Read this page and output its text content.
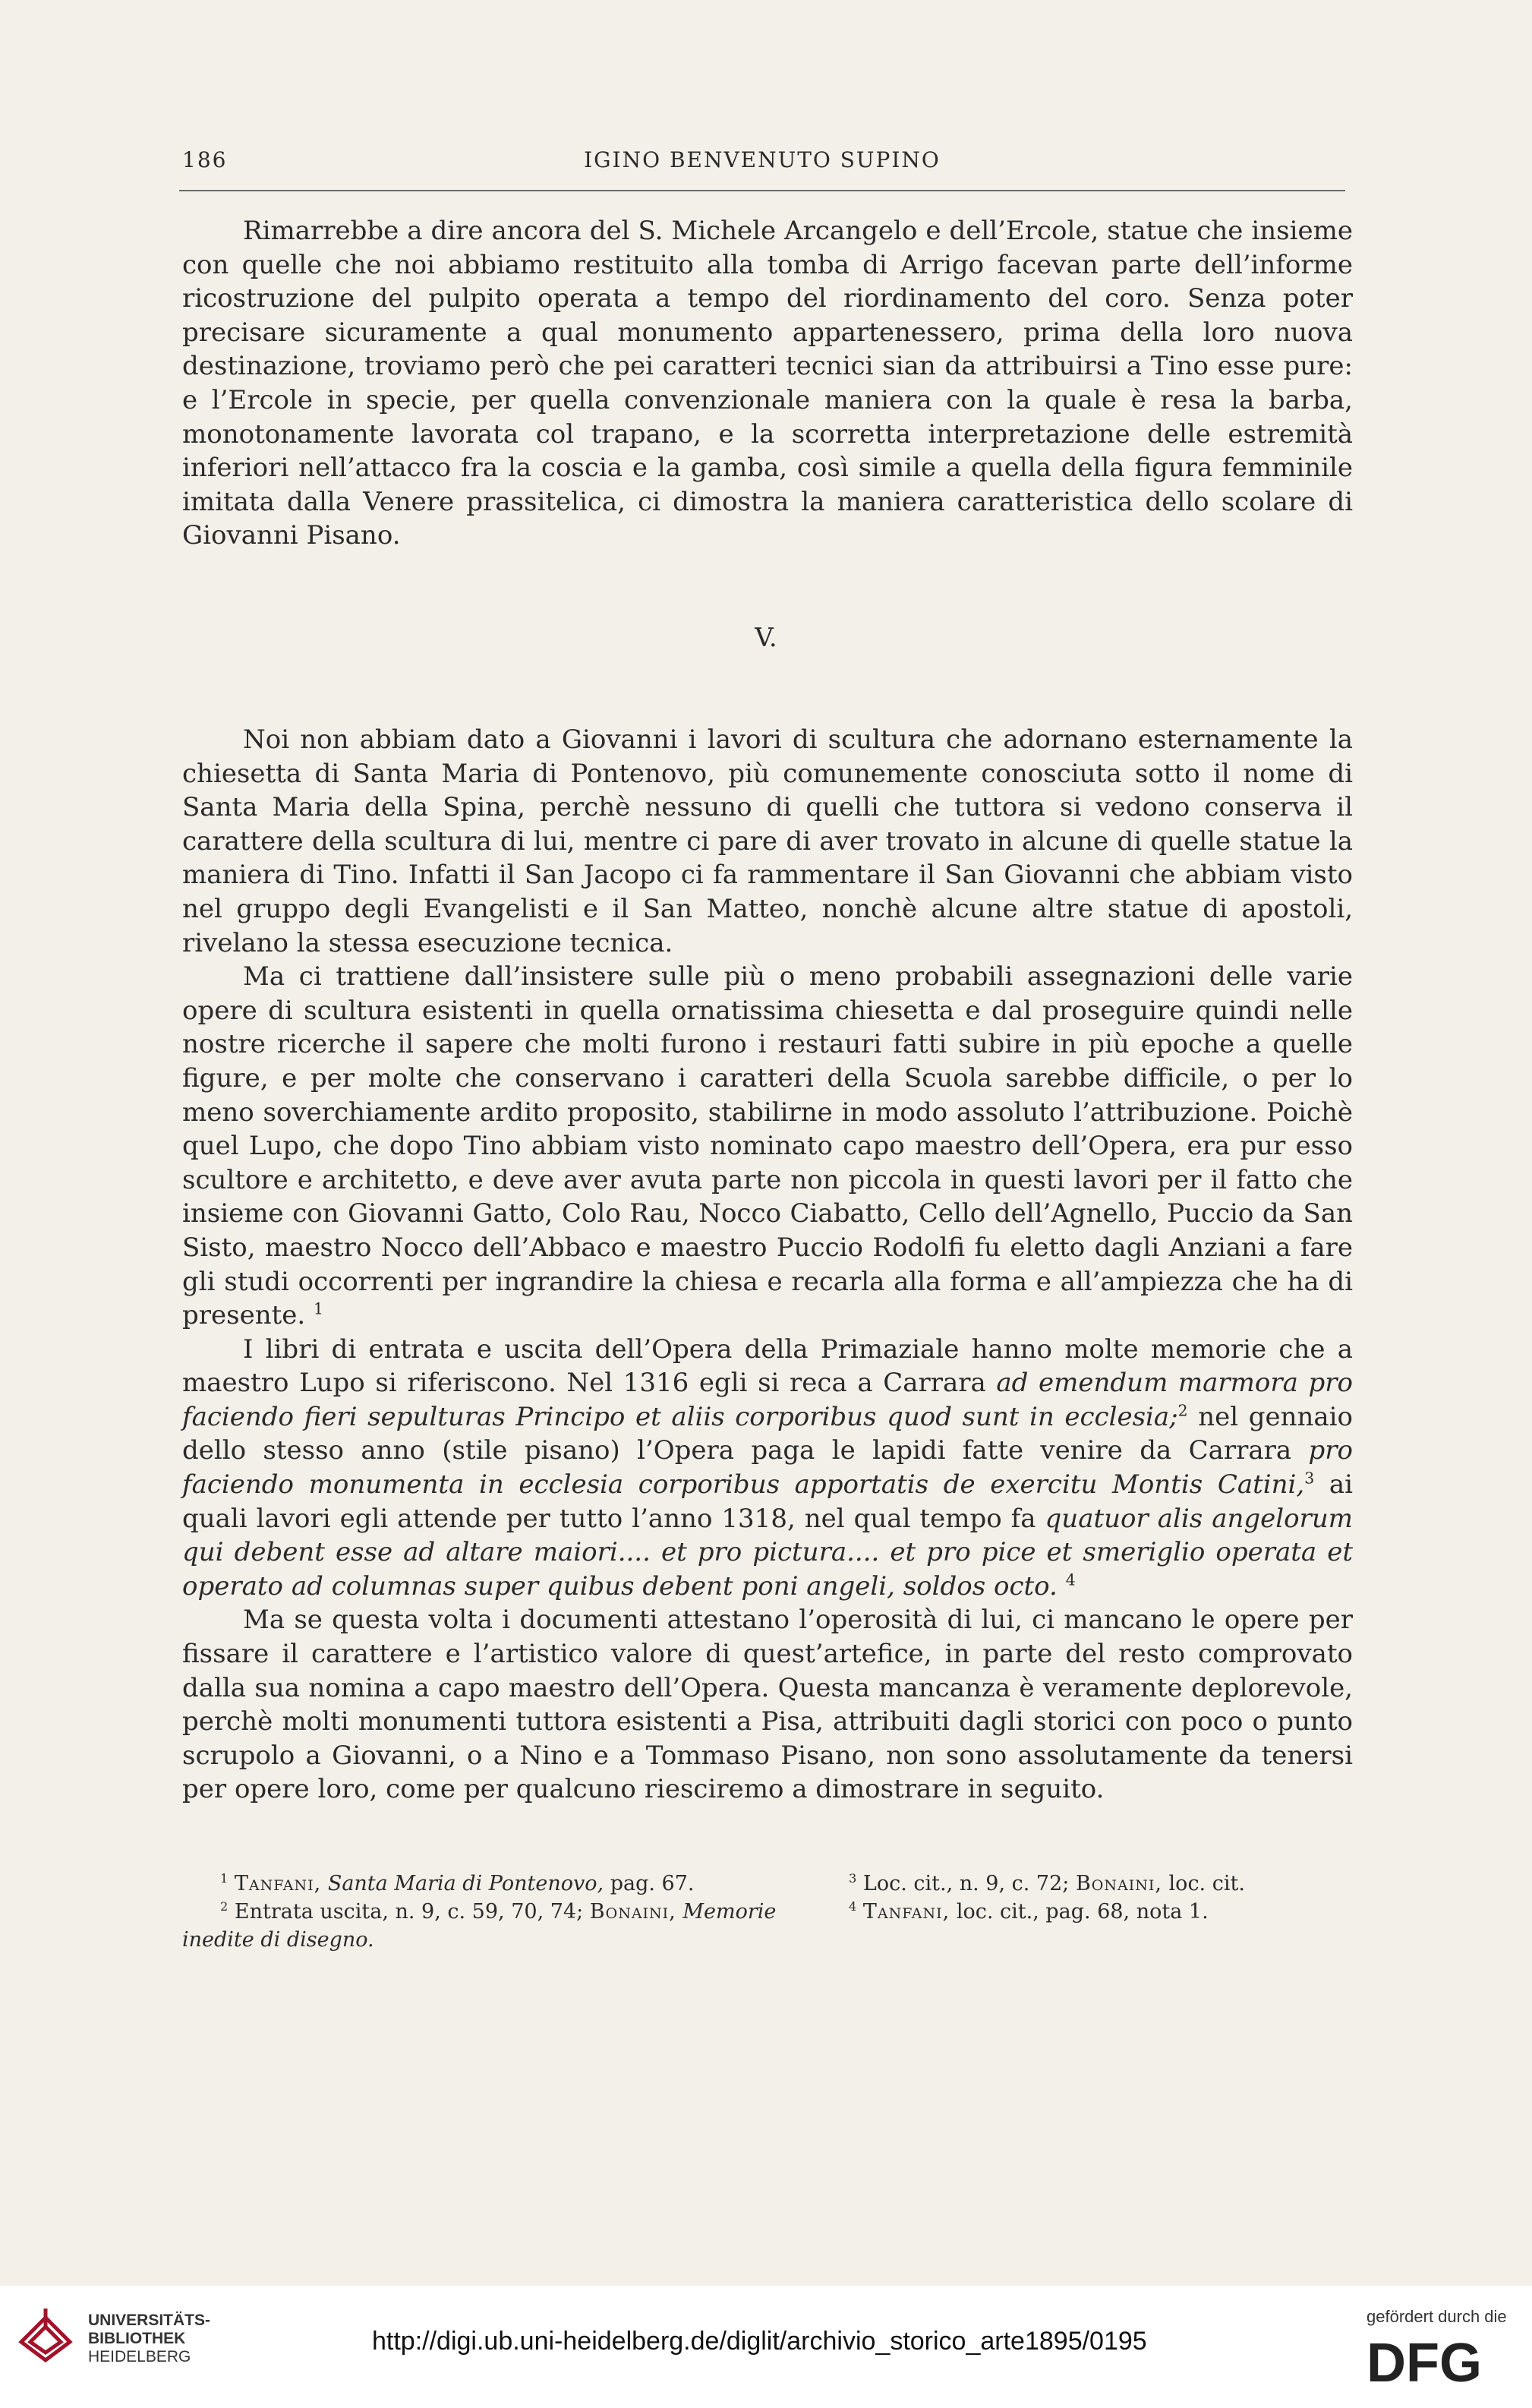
186	IGINO BENVENUTO SUPINO

Rimarrebbe a dire ancora del S. Michele Arcangelo e dell’Ercole, statue che insieme con quelle che noi abbiamo restituito alla tomba di Arrigo facevan parte dell’informe ricostruzione del pulpito operata a tempo del riordinamento del coro. Senza poter precisare sicuramente a qual monumento appartenessero, prima della loro nuova destinazione, troviamo però che pei caratteri tecnici sian da attribuirsi a Tino esse pure: e l’Ercole in specie, per quella convenzionale maniera con la quale è resa la barba, monotonamente lavorata col trapano, e la scorretta interpretazione delle estremità inferiori nell’attacco fra la coscia e la gamba, così simile a quella della figura femminile imitata dalla Venere prassitelica, ci dimostra la maniera caratteristica dello scolare di Giovanni Pisano.

V.

Noi non abbiam dato a Giovanni i lavori di scultura che adornano esternamente la chiesetta di Santa Maria di Pontenovo, più comunemente conosciuta sotto il nome di Santa Maria della Spina, perchè nessuno di quelli che tuttora si vedono conserva il carattere della scultura di lui, mentre ci pare di aver trovato in alcune di quelle statue la maniera di Tino. Infatti il San Jacopo ci fa rammentare il San Giovanni che abbiam visto nel gruppo degli Evangelisti e il San Matteo, nonchè alcune altre statue di apostoli, rivelano la stessa esecuzione tecnica.

Ma ci trattiene dall’insistere sulle più o meno probabili assegnazioni delle varie opere di scultura esistenti in quella ornatissima chiesetta e dal proseguire quindi nelle nostre ricerche il sapere che molti furono i restauri fatti subire in più epoche a quelle figure, e per molte che conservano i caratteri della Scuola sarebbe difficile, o per lo meno soverchiamente ardito proposito, stabilirne in modo assoluto l’attribuzione. Poichè quel Lupo, che dopo Tino abbiam visto nominato capo maestro dell’Opera, era pur esso scultore e architetto, e deve aver avuta parte non piccola in questi lavori per il fatto che insieme con Giovanni Gatto, Colo Rau, Nocco Ciabatto, Cello dell’Agnello, Puccio da San Sisto, maestro Nocco dell’Abbaco e maestro Puccio Rodolfi fu eletto dagli Anziani a fare gli studi occorrenti per ingrandire la chiesa e recarla alla forma e all’ampiezza che ha di presente. $^1$

I libri di entrata e uscita dell’Opera della Primaziale hanno molte memorie che a maestro Lupo si riferiscono. Nel 1316 egli si reca a Carrara ad emendum marmora pro faciendo fieri sepulturas Principo et aliis corporibus quod sunt in ecclesia;$^2$ nel gennaio dello stesso anno (stile pisano) l’Opera paga le lapidi fatte venire da Carrara pro faciendo monumenta in ecclesia corporibus apportatis de exercitu Montis Catini,$^3$ ai quali lavori egli attende per tutto l’anno 1318, nel qual tempo fa quatuor alis angelorum qui debent esse ad altare maiori.... et pro pictura.... et pro pice et smeriglio operata et operato ad columnas super quibus debent poni angeli, soldos octo. $^4$

Ma se questa volta i documenti attestano l’operosità di lui, ci mancano le opere per fissare il carattere e l’artistico valore di quest’artefice, in parte del resto comprovato dalla sua nomina a capo maestro dell’Opera. Questa mancanza è veramente deplorevole, perchè molti monumenti tuttora esistenti a Pisa, attribuiti dagli storici con poco o punto scrupolo a Giovanni, o a Nino e a Tommaso Pisano, non sono assolutamente da tenersi per opere loro, come per qualcuno riesciremo a dimostrare in seguito.

$^1$ Tanfani, Santa Maria di Pontenovo, pag. 67.

$^2$ Entrata uscita, n. 9, c. 59, 70, 74; Bonaini, Memorie inedite di disegno.

$^3$ Loc. cit., n. 9, c. 72; Bonaini, loc. cit.

$^4$ Tanfani, loc. cit., pag. 68, nota 1.

UNIVERSITÄTS-
BIBLIOTHEK
HEIDELBERG
http://digi.ub.uni-heidelberg.de/diglit/archivio_storico_arte1895/0195
gefördert durch die
DFG
